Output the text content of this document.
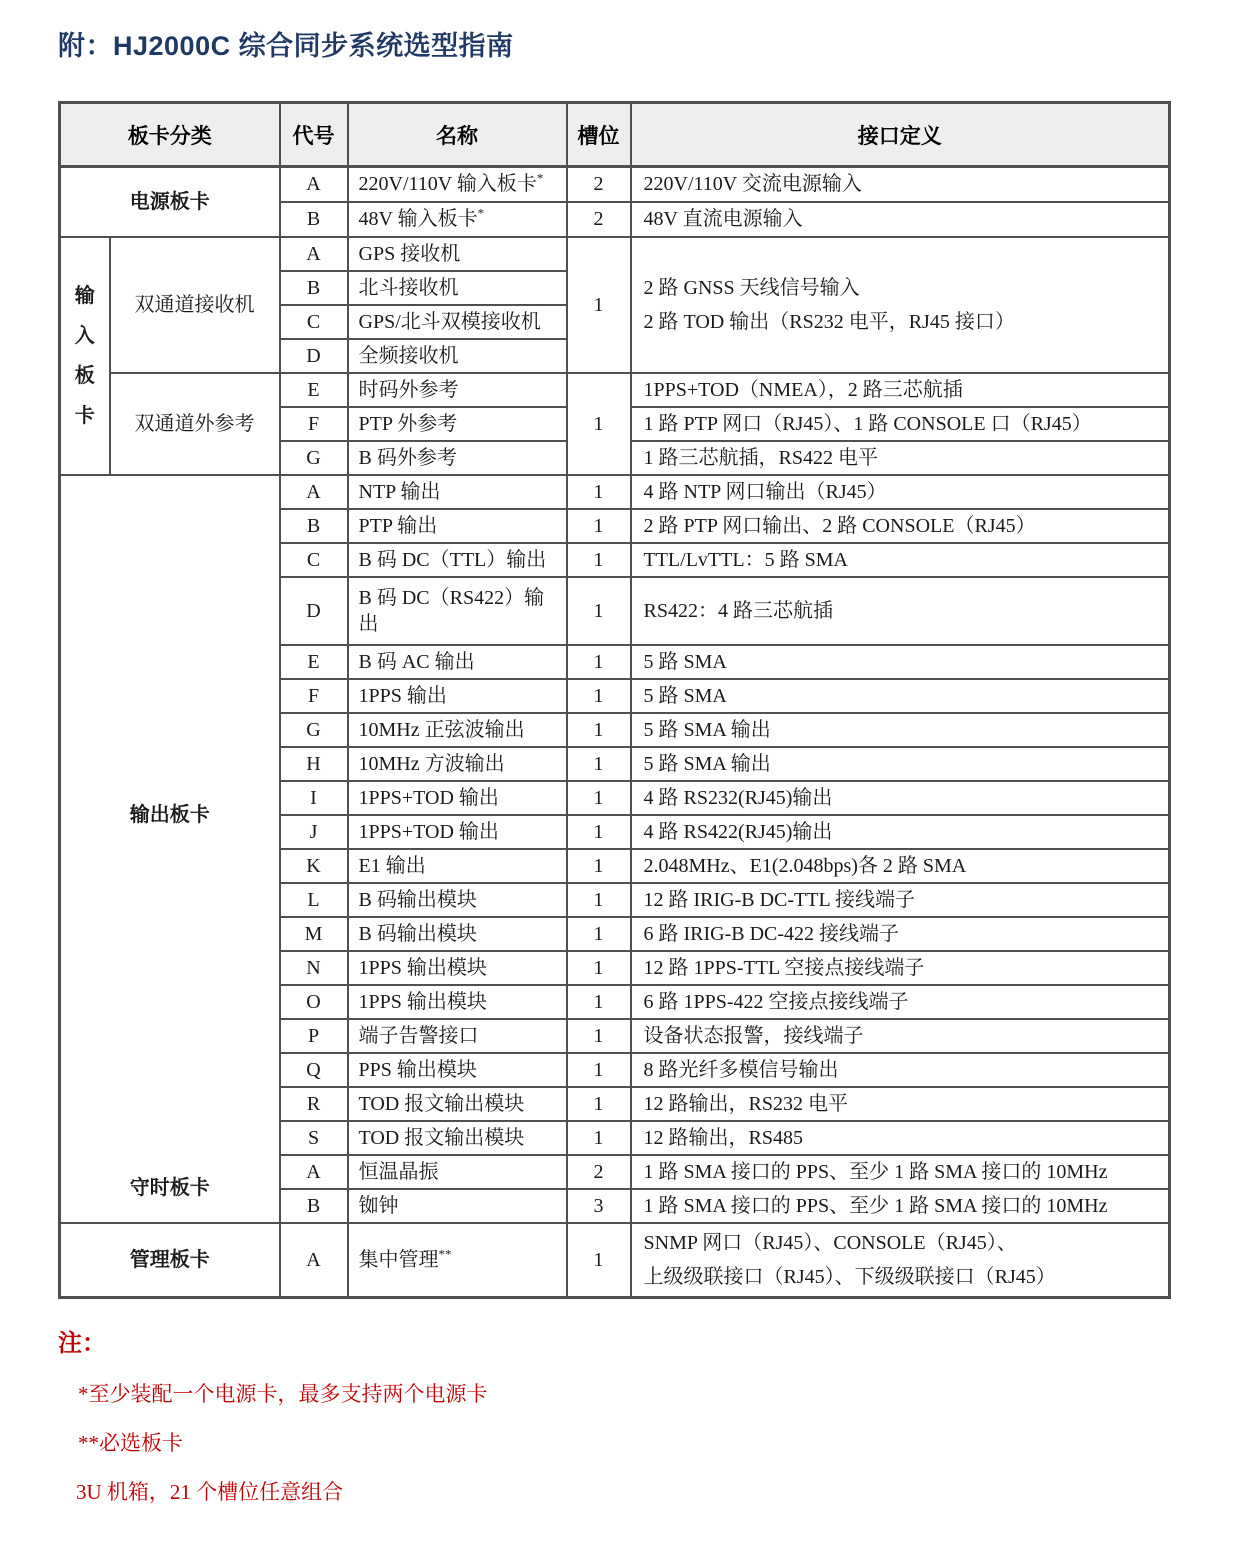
附：HJ2000C 综合同步系统选型指南
板卡分类		代号	名称	槽位	接口定义
电源板卡		A	220V/110V 输入板卡*	2	220V/110V 交流电源输入
		B	48V 输入板卡*	2	48V 直流电源输入
输入板卡	双通道接收机	A	GPS 接收机	1	2 路 GNSS 天线信号输入
2 路 TOD 输出（RS232 电平，RJ45 接口）

		B	北斗接收机		
		C	GPS/北斗双模接收机		
		D	全频接收机		
	双通道外参考	E	时码外参考	1	1PPS+TOD（NMEA），2 路三芯航插
		F	PTP 外参考		1 路 PTP 网口（RJ45）、1 路 CONSOLE 口（RJ45）
		G	B 码外参考		1 路三芯航插，RS422 电平
输出板卡		A	NTP 输出	1	4 路 NTP 网口输出（RJ45）
		B	PTP 输出	1	2 路 PTP 网口输出、2 路 CONSOLE（RJ45）
		C	B 码 DC（TTL）输出	1	TTL/LvTTL：5 路 SMA
		D	B 码 DC（RS422）输出	1	RS422：4 路三芯航插
		E	B 码 AC 输出	1	5 路 SMA
		F	1PPS 输出	1	5 路 SMA
		G	10MHz 正弦波输出	1	5 路 SMA 输出
		H	10MHz 方波输出	1	5 路 SMA 输出
		I	1PPS+TOD 输出	1	4 路 RS232(RJ45)输出
		J	1PPS+TOD 输出	1	4 路 RS422(RJ45)输出
		K	E1 输出	1	2.048MHz、E1(2.048bps)各 2 路 SMA
		L	B 码输出模块	1	12 路 IRIG-B DC-TTL 接线端子
		M	B 码输出模块	1	6 路 IRIG-B DC-422 接线端子
		N	1PPS 输出模块	1	12 路 1PPS-TTL 空接点接线端子
		O	1PPS 输出模块	1	6 路 1PPS-422 空接点接线端子
		P	端子告警接口	1	设备状态报警，接线端子
		Q	PPS 输出模块	1	8 路光纤多模信号输出
		R	TOD 报文输出模块	1	12 路输出，RS232 电平
		S	TOD 报文输出模块	1	12 路输出，RS485
守时板卡		A	恒温晶振	2	1 路 SMA 接口的 PPS、至少 1 路 SMA 接口的 10MHz
		B	铷钟	3	1 路 SMA 接口的 PPS、至少 1 路 SMA 接口的 10MHz
管理板卡		A	集中管理**	1	SNMP 网口（RJ45）、CONSOLE（RJ45）、
上级级联接口（RJ45）、下级级联接口（RJ45）
注：
*至少装配一个电源卡，最多支持两个电源卡
**必选板卡
3U 机箱，21 个槽位任意组合
